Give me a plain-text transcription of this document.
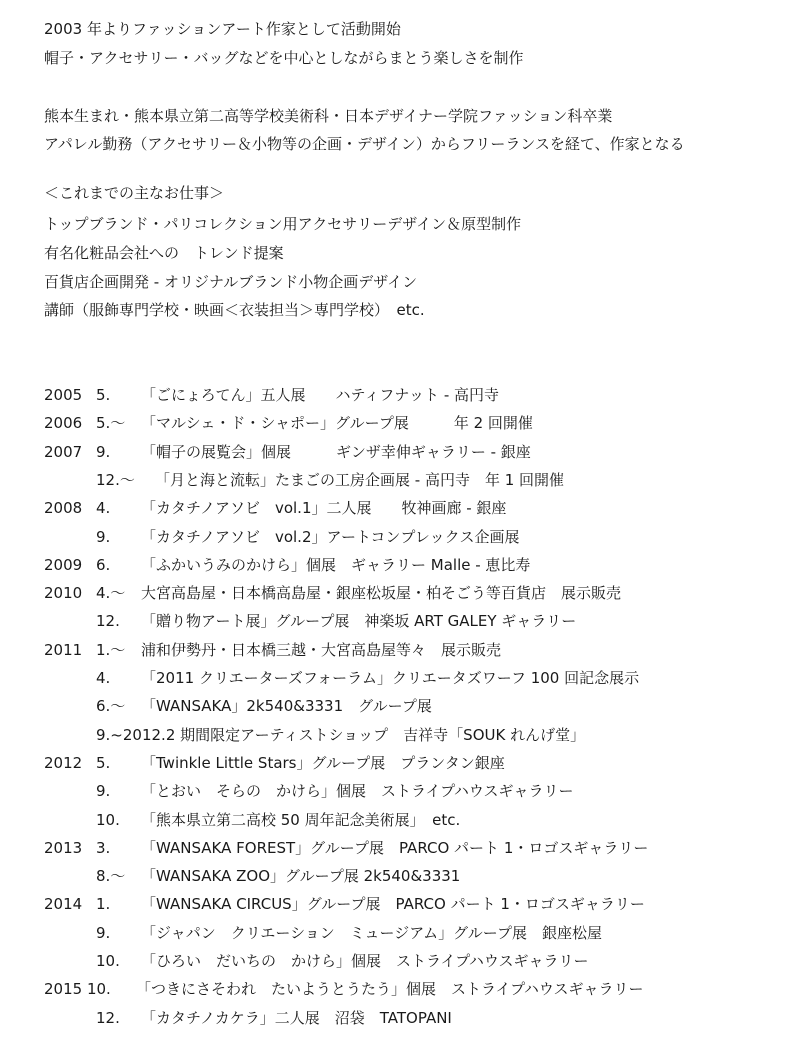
2003 年よりファッションアート作家として活動開始
帽子・アクセサリー・バッグなどを中心としながらまとう楽しさを制作
熊本生まれ・熊本県立第二高等学校美術科・日本デザイナー学院ファッション科卒業
アパレル勤務（アクセサリー＆小物等の企画・デザイン）からフリーランスを経て、作家となる
＜これまでの主なお仕事＞
トップブランド・パリコレクション用アクセサリーデザイン＆原型制作
有名化粧品会社への　トレンド提案
百貨店企画開発 - オリジナルブランド小物企画デザイン
講師（服飾専門学校・映画＜衣装担当＞専門学校）　etc.
2005 5. 「ごにょろてん」五人展　　ハティフナット - 高円寺
2006 5.～ 「マルシェ・ド・シャポー」グループ展　　　年 2 回開催
2007 9. 「帽子の展覧会」個展　　　ギンザ幸伸ギャラリー - 銀座
12.～ 「月と海と流転」たまごの工房企画展 - 高円寺　年 1 回開催
2008 4. 「カタチノアソビ　vol.1」二人展　　牧神画廊 - 銀座
9. 「カタチノアソビ　vol.2」アートコンプレックス企画展
2009 6. 「ふかいうみのかけら」個展　ギャラリー Malle - 恵比寿
2010 4.～ 大宮高島屋・日本橋高島屋・銀座松坂屋・柏そごう等百貨店　展示販売
12. 「贈り物アート展」グループ展　神楽坂 ART GALEY ギャラリー
2011 1.～ 浦和伊勢丹・日本橋三越・大宮高島屋等々　展示販売
4. 「2011 クリエーターズフォーラム」クリエータズワーフ 100 回記念展示
6.～ 「WANSAKA」2k540&3331　グループ展
9.~2012.2 期間限定アーティストショップ　吉祥寺「SOUK れんげ堂」
2012 5. 「Twinkle Little Stars」グループ展　プランタン銀座
9. 「とおい　そらの　かけら」個展　ストライプハウスギャラリー
10. 「熊本県立第二高校 50 周年記念美術展」　etc.
2013 3. 「WANSAKA FOREST」グループ展　PARCO パート 1・ロゴスギャラリー
8.～ 「WANSAKA ZOO」グループ展 2k540&3331
2014 1. 「WANSAKA CIRCUS」グループ展　PARCO パート 1・ロゴスギャラリー
9. 「ジャパン　クリエーション　ミュージアム」グループ展　銀座松屋
10. 「ひろい　だいちの　かけら」個展　ストライプハウスギャラリー
2015 10. 「つきにさそわれ　たいようとうたう」個展　ストライプハウスギャラリー
12. 「カタチノカケラ」二人展　沼袋　TATOPANI
